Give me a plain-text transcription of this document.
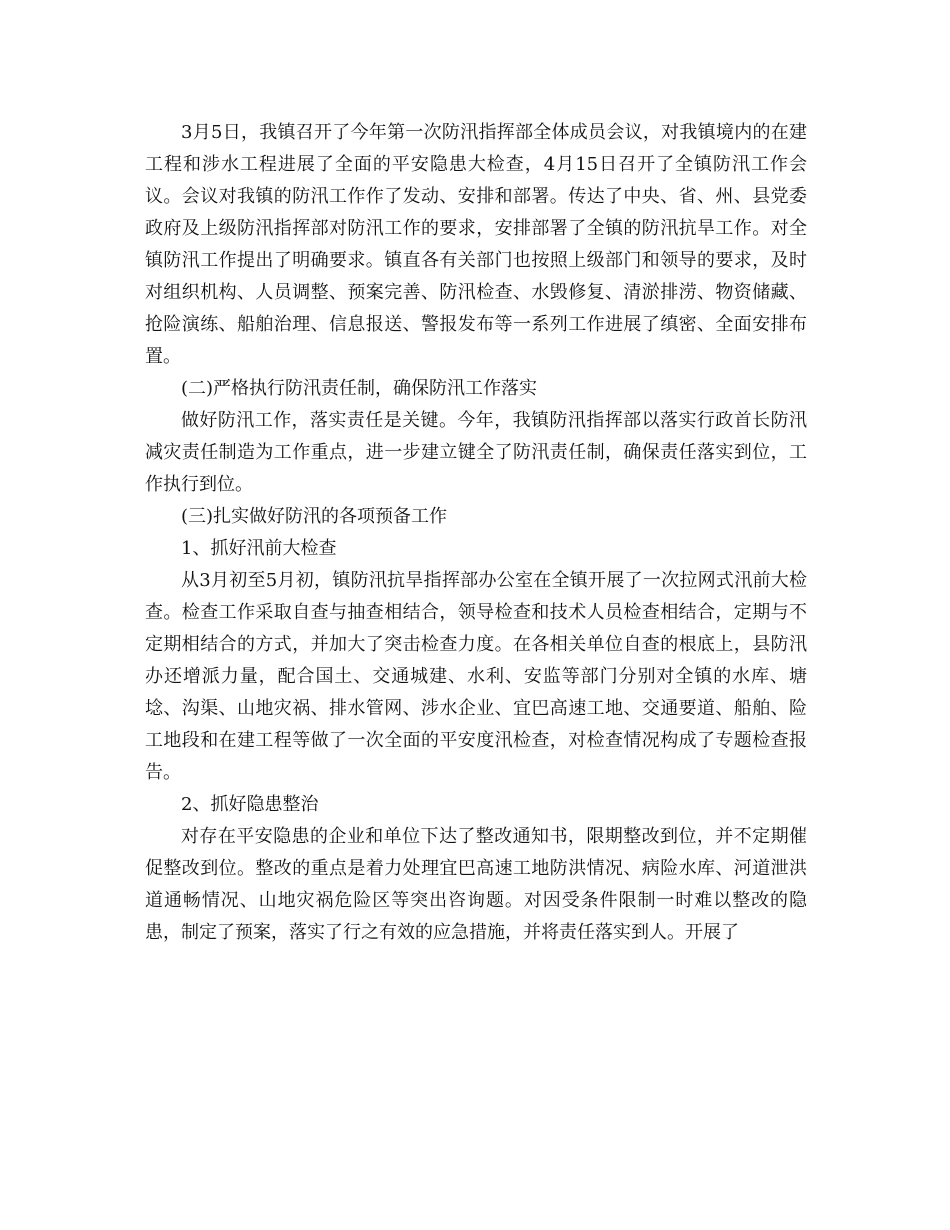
3月5日，我镇召开了今年第一次防汛指挥部全体成员会议，对我镇境内的在建工程和涉水工程进展了全面的平安隐患大检查，4月15日召开了全镇防汛工作会议。会议对我镇的防汛工作作了发动、安排和部署。传达了中央、省、州、县党委政府及上级防汛指挥部对防汛工作的要求，安排部署了全镇的防汛抗旱工作。对全镇防汛工作提出了明确要求。镇直各有关部门也按照上级部门和领导的要求，及时对组织机构、人员调整、预案完善、防汛检查、水毁修复、清淤排涝、物资储藏、抢险演练、船舶治理、信息报送、警报发布等一系列工作进展了缜密、全面安排布置。

(二)严格执行防汛责任制，确保防汛工作落实

做好防汛工作，落实责任是关键。今年，我镇防汛指挥部以落实行政首长防汛减灾责任制造为工作重点，进一步建立键全了防汛责任制，确保责任落实到位，工作执行到位。

(三)扎实做好防汛的各项预备工作

1、抓好汛前大检查

从3月初至5月初，镇防汛抗旱指挥部办公室在全镇开展了一次拉网式汛前大检查。检查工作采取自查与抽查相结合，领导检查和技术人员检查相结合，定期与不定期相结合的方式，并加大了突击检查力度。在各相关单位自查的根底上，县防汛办还增派力量，配合国土、交通城建、水利、安监等部门分别对全镇的水库、塘埝、沟渠、山地灾祸、排水管网、涉水企业、宜巴高速工地、交通要道、船舶、险工地段和在建工程等做了一次全面的平安度汛检查，对检查情况构成了专题检查报告。

2、抓好隐患整治

对存在平安隐患的企业和单位下达了整改通知书，限期整改到位，并不定期催促整改到位。整改的重点是着力处理宜巴高速工地防洪情况、病险水库、河道泄洪道通畅情况、山地灾祸危险区等突出咨询题。对因受条件限制一时难以整改的隐患，制定了预案，落实了行之有效的应急措施，并将责任落实到人。开展了
